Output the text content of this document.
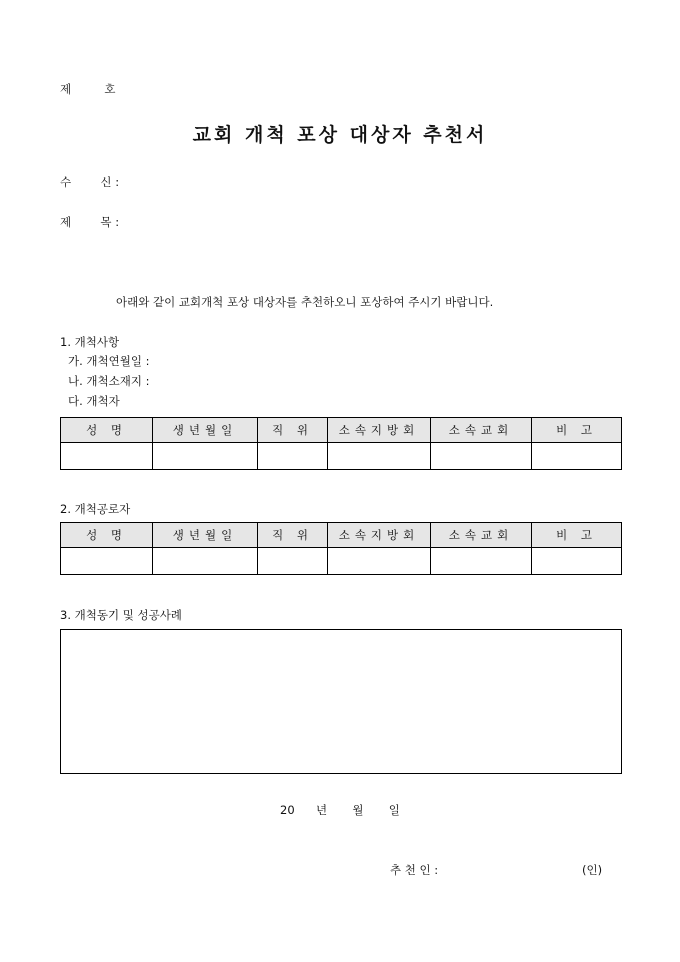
제	호
교회 개척 포상 대상자 추천서
수	신 :
제	목 :
아래와 같이 교회개척 포상 대상자를 추천하오니 포상하여 주시기 바랍니다.
1. 개척사항
가. 개척연월일 :
나. 개척소재지 :
다. 개척자
성 명	생년월일	직 위	소속지방회	소속교회	비 고

2. 개척공로자
성 명	생년월일	직 위	소속지방회	소속교회	비 고

3. 개척동기 및 성공사례
20 년 월 일
추 천 인 :	(인)
